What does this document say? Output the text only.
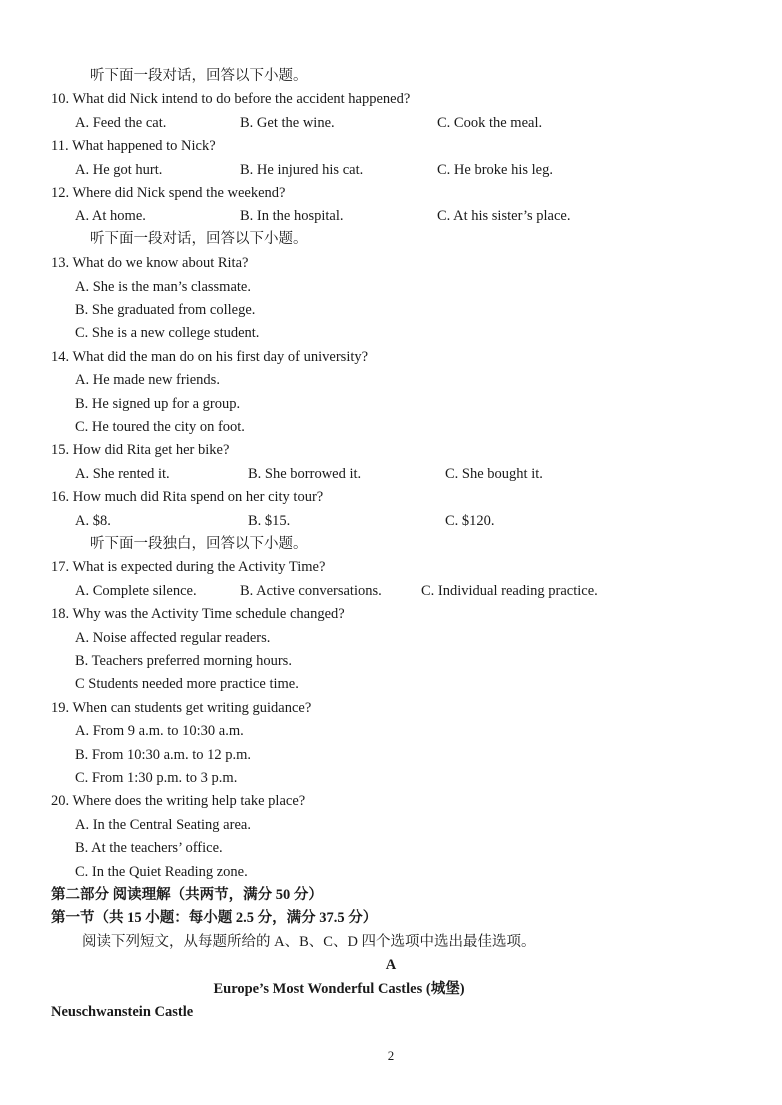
听下面一段对话，回答以下小题。
10. What did Nick intend to do before the accident happened?
A. Feed the cat.	B. Get the wine.	C. Cook the meal.
11. What happened to Nick?
A. He got hurt.	B. He injured his cat.	C. He broke his leg.
12. Where did Nick spend the weekend?
A. At home.	B. In the hospital.	C. At his sister’s place.
听下面一段对话，回答以下小题。
13. What do we know about Rita?
A. She is the man’s classmate.
B. She graduated from college.
C. She is a new college student.
14. What did the man do on his first day of university?
A. He made new friends.
B. He signed up for a group.
C. He toured the city on foot.
15. How did Rita get her bike?
A. She rented it.	B. She borrowed it.	C. She bought it.
16. How much did Rita spend on her city tour?
A. $8.	B. $15.	C. $120.
听下面一段独白，回答以下小题。
17. What is expected during the Activity Time?
A. Complete silence.	B. Active conversations.	C. Individual reading practice.
18. Why was the Activity Time schedule changed?
A. Noise affected regular readers.
B. Teachers preferred morning hours.
C Students needed more practice time.
19. When can students get writing guidance?
A. From 9 a.m. to 10:30 a.m.
B. From 10:30 a.m. to 12 p.m.
C. From 1:30 p.m. to 3 p.m.
20. Where does the writing help take place?
A. In the Central Seating area.
B. At the teachers’ office.
C. In the Quiet Reading zone.
第二部分 阅读理解（共两节，满分 50 分）
第一节（共 15 小题：每小题 2.5 分，满分 37.5 分）
阅读下列短文，从每题所给的 A、B、C、D 四个选项中选出最佳选项。
A
Europe’s Most Wonderful Castles (城堡)
Neuschwanstein Castle
2
